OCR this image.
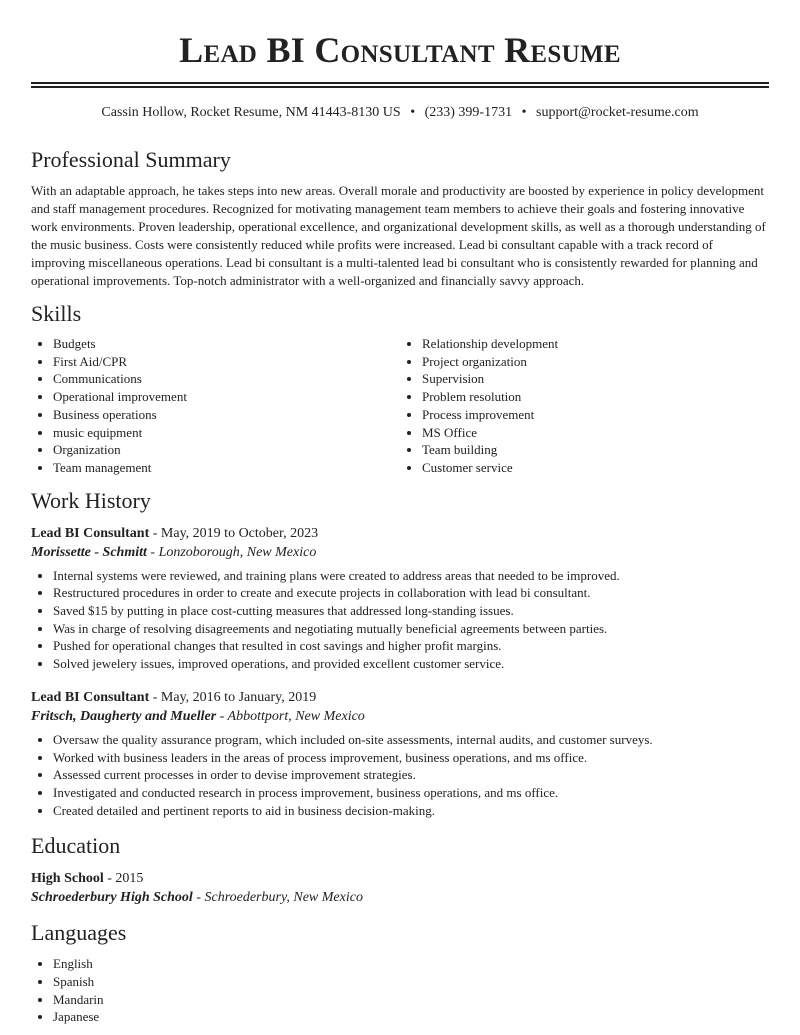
Lead BI Consultant Resume
Cassin Hollow, Rocket Resume, NM 41443-8130 US • (233) 399-1731 • support@rocket-resume.com
Professional Summary

With an adaptable approach, he takes steps into new areas. Overall morale and productivity are boosted by experience in policy development and staff management procedures. Recognized for motivating management team members to achieve their goals and fostering innovative work environments. Proven leadership, operational excellence, and organizational development skills, as well as a thorough understanding of the music business. Costs were consistently reduced while profits were increased. Lead bi consultant capable with a track record of improving miscellaneous operations. Lead bi consultant is a multi-talented lead bi consultant who is consistently rewarded for planning and operational improvements. Top-notch administrator with a well-organized and financially savvy approach.

Skills
• Budgets
• First Aid/CPR
• Communications
• Operational improvement
• Business operations
• music equipment
• Organization
• Team management
• Relationship development
• Project organization
• Supervision
• Problem resolution
• Process improvement
• MS Office
• Team building
• Customer service
Work History
Lead BI Consultant - May, 2019 to October, 2023
Morissette - Schmitt - Lonzoborough, New Mexico
• Internal systems were reviewed, and training plans were created to address areas that needed to be improved.
• Restructured procedures in order to create and execute projects in collaboration with lead bi consultant.
• Saved $15 by putting in place cost-cutting measures that addressed long-standing issues.
• Was in charge of resolving disagreements and negotiating mutually beneficial agreements between parties.
• Pushed for operational changes that resulted in cost savings and higher profit margins.
• Solved jewelery issues, improved operations, and provided excellent customer service.
Lead BI Consultant - May, 2016 to January, 2019
Fritsch, Daugherty and Mueller - Abbottport, New Mexico
• Oversaw the quality assurance program, which included on-site assessments, internal audits, and customer surveys.
• Worked with business leaders in the areas of process improvement, business operations, and ms office.
• Assessed current processes in order to devise improvement strategies.
• Investigated and conducted research in process improvement, business operations, and ms office.
• Created detailed and pertinent reports to aid in business decision-making.
Education
High School - 2015
Schroederbury High School - Schroederbury, New Mexico
Languages
• English
• Spanish
• Mandarin
• Japanese
